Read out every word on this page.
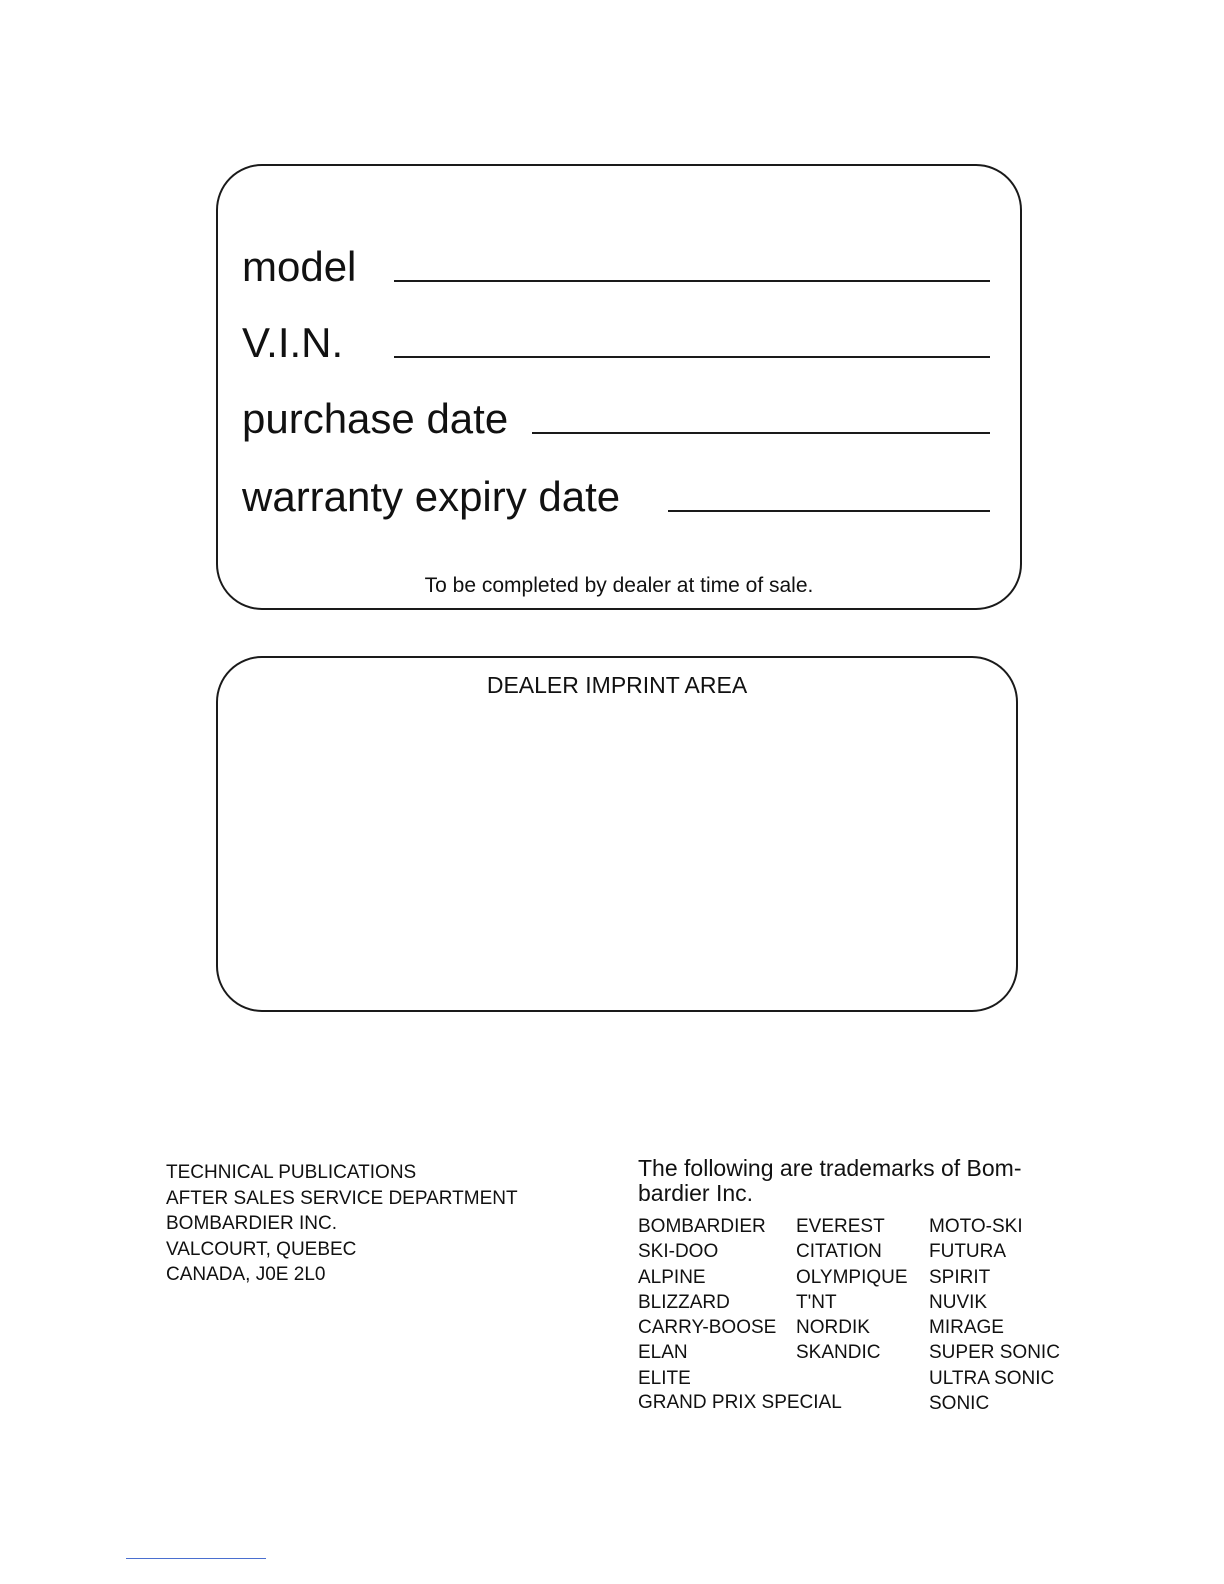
model
V.I.N.
purchase date
warranty expiry date
To be completed by dealer at time of sale.
DEALER IMPRINT AREA
TECHNICAL PUBLICATIONS
AFTER SALES SERVICE DEPARTMENT
BOMBARDIER INC.
VALCOURT, QUEBEC
CANADA, J0E 2L0
The following are trademarks of Bom-
bardier Inc.
BOMBARDIER
SKI-DOO
ALPINE
BLIZZARD
CARRY-BOOSE
ELAN
ELITE
EVEREST
CITATION
OLYMPIQUE
T'NT
NORDIK
SKANDIC
MOTO-SKI
FUTURA
SPIRIT
NUVIK
MIRAGE
SUPER SONIC
ULTRA SONIC
SONIC
GRAND PRIX SPECIAL
